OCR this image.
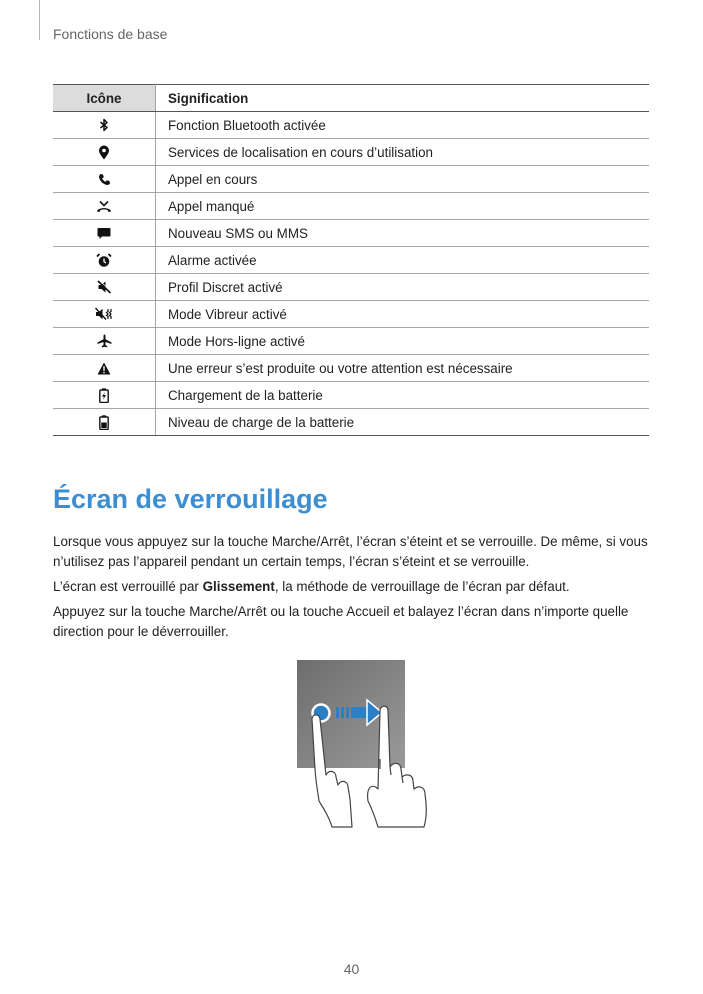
Fonctions de base
Icône	Signification

	Fonction Bluetooth activée

	Services de localisation en cours d’utilisation

	Appel en cours

	Appel manqué

	Nouveau SMS ou MMS

	Alarme activée

	Profil Discret activé

	Mode Vibreur activé

	Mode Hors-ligne activé

	Une erreur s’est produite ou votre attention est nécessaire

	Chargement de la batterie

	Niveau de charge de la batterie
Écran de verrouillage

Lorsque vous appuyez sur la touche Marche/Arrêt, l’écran s’éteint et se verrouille. De même, si vous n’utilisez pas l’appareil pendant un certain temps, l’écran s’éteint et se verrouille.

L’écran est verrouillé par Glissement, la méthode de verrouillage de l’écran par défaut.

Appuyez sur la touche Marche/Arrêt ou la touche Accueil et balayez l’écran dans n’importe quelle direction pour le déverrouiller.

40
